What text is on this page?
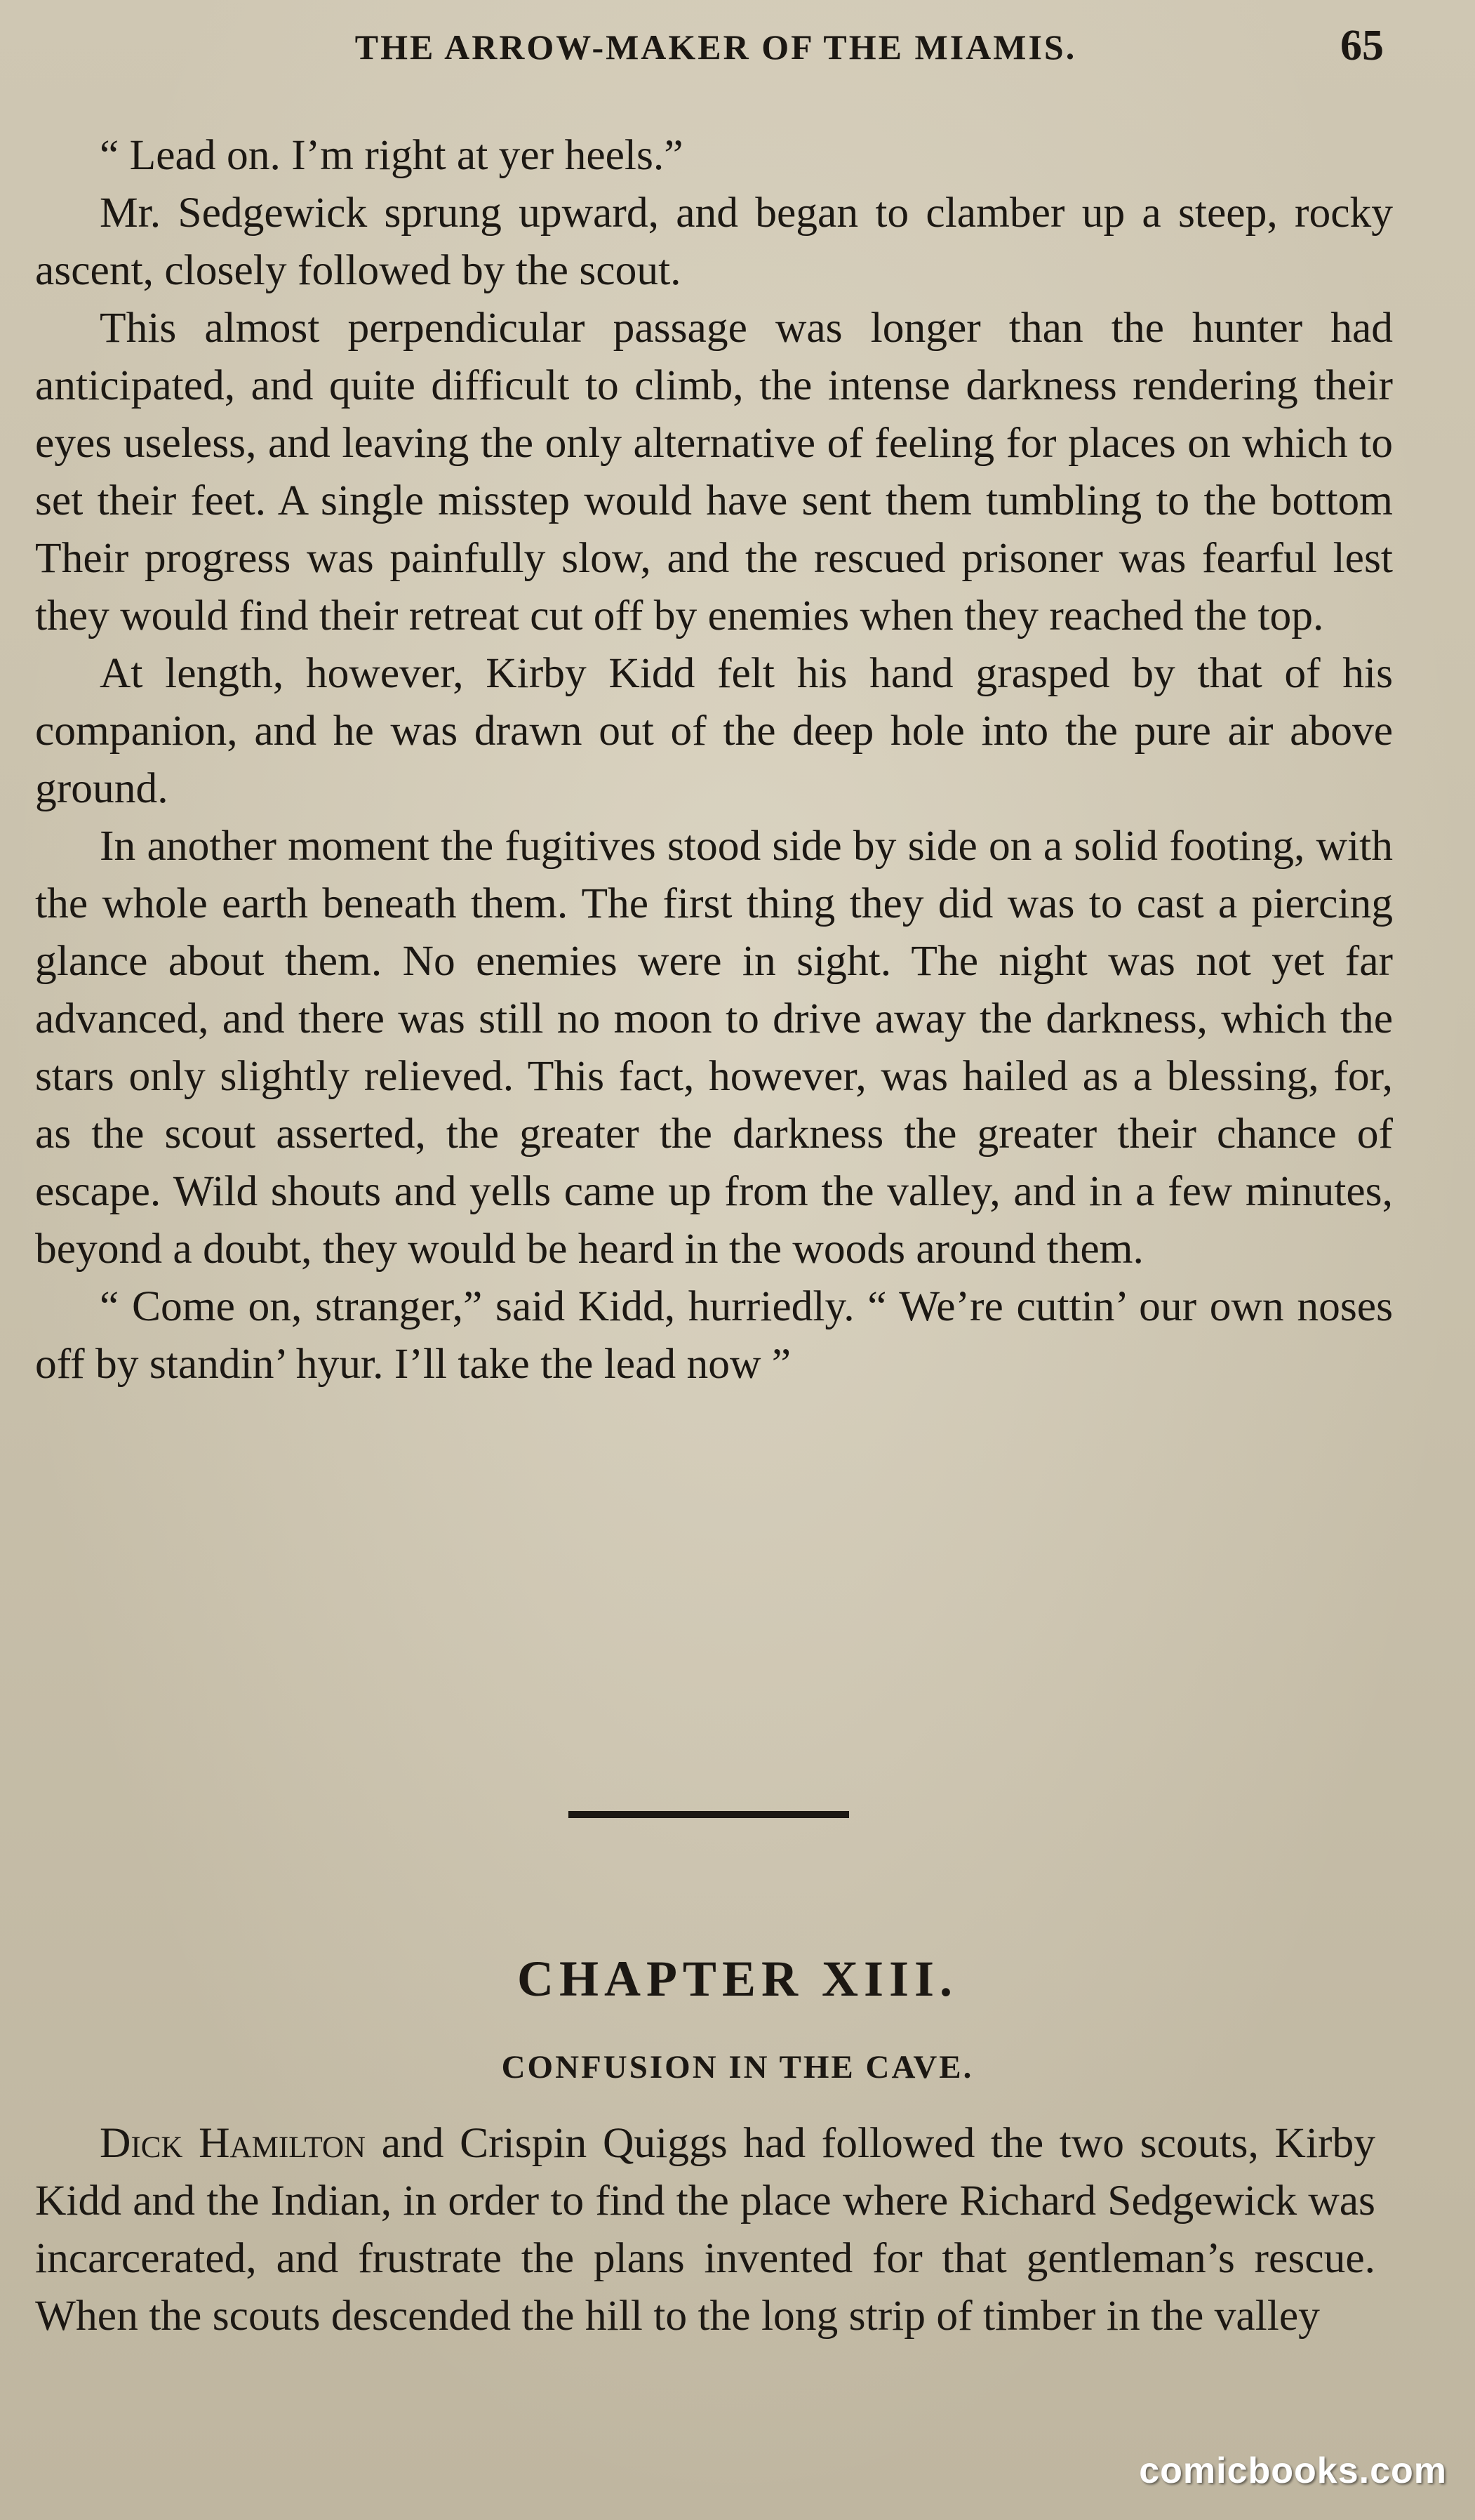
THE ARROW-MAKER OF THE MIAMIS.	65

“ Lead on. I’m right at yer heels.”

Mr. Sedgewick sprung upward, and began to clamber up a steep, rocky ascent, closely followed by the scout.

This almost perpendicular passage was longer than the hunter had anticipated, and quite difficult to climb, the intense darkness rendering their eyes useless, and leaving the only alternative of feeling for places on which to set their feet. A single misstep would have sent them tumbling to the bottom Their progress was painfully slow, and the rescued prisoner was fearful lest they would find their retreat cut off by enemies when they reached the top.

At length, however, Kirby Kidd felt his hand grasped by that of his companion, and he was drawn out of the deep hole into the pure air above ground.

In another moment the fugitives stood side by side on a solid footing, with the whole earth beneath them. The first thing they did was to cast a piercing glance about them. No enemies were in sight. The night was not yet far advanced, and there was still no moon to drive away the darkness, which the stars only slightly relieved. This fact, however, was hailed as a blessing, for, as the scout asserted, the greater the darkness the greater their chance of escape. Wild shouts and yells came up from the valley, and in a few minutes, beyond a doubt, they would be heard in the woods around them.

“ Come on, stranger,” said Kidd, hurriedly. “ We’re cuttin’ our own noses off by standin’ hyur. I’ll take the lead now ”

CHAPTER XIII.
CONFUSION IN THE CAVE.

Dick Hamilton and Crispin Quiggs had followed the two scouts, Kirby Kidd and the Indian, in order to find the place where Richard Sedgewick was incarcerated, and frustrate the plans invented for that gentleman’s rescue. When the scouts descended the hill to the long strip of timber in the valley

comicbooks.com
